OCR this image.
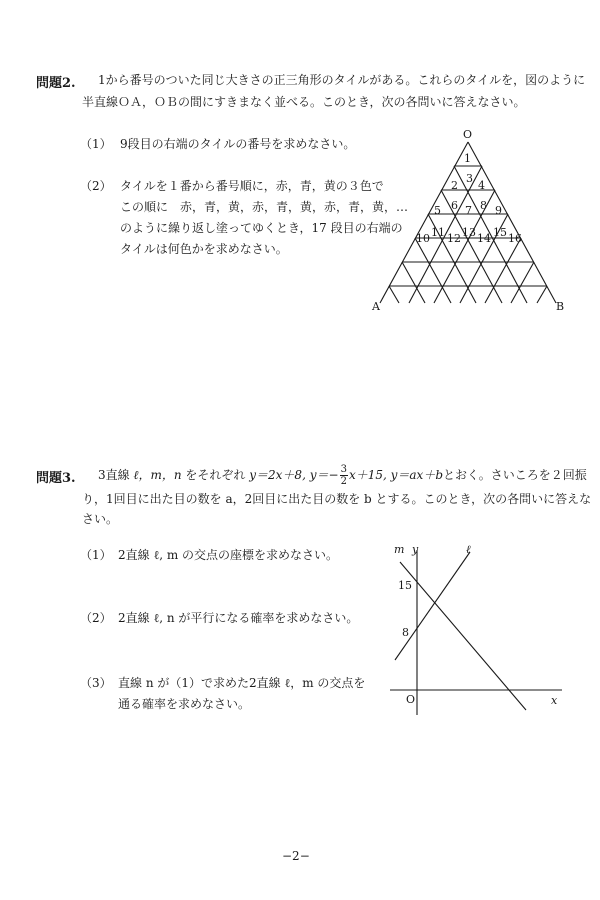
問題2. 1から番号のついた同じ大きさの正三角形のタイルがある。これらのタイルを，図のように
半直線ＯＡ，ＯＢの間にすきまなく並べる。このとき，次の各問いに答えなさい。
（1） 9段目の右端のタイルの番号を求めなさい。
（2） タイルを１番から番号順に，赤，青，黄の３色で
この順に　赤，青，黄，赤，青，黄，赤，青，黄，…
のように繰り返し塗ってゆくとき，17 段目の右端の
タイルは何色かを求めなさい。
O
A	B
1
2
3
4
5 6 7 8 9
10 11 12 13 14 15 16
問題3. 3直線 ℓ，m，n をそれぞれ y＝2x＋8, $y=- \frac{3}{2} x+15$, y＝ax＋bとおく。さいころを２回振
り，1回目に出た目の数を a，2回目に出た目の数を b とする。このとき，次の各問いに答えな
さい。
（1） 2直線 ℓ, m の交点の座標を求めなさい。
（2） 2直線 ℓ, n が平行になる確率を求めなさい。
（3） 直線 n が（1）で求めた2直線 ℓ，m の交点を
通る確率を求めなさい。
m y	ℓ
15
8
O	x
−2−
